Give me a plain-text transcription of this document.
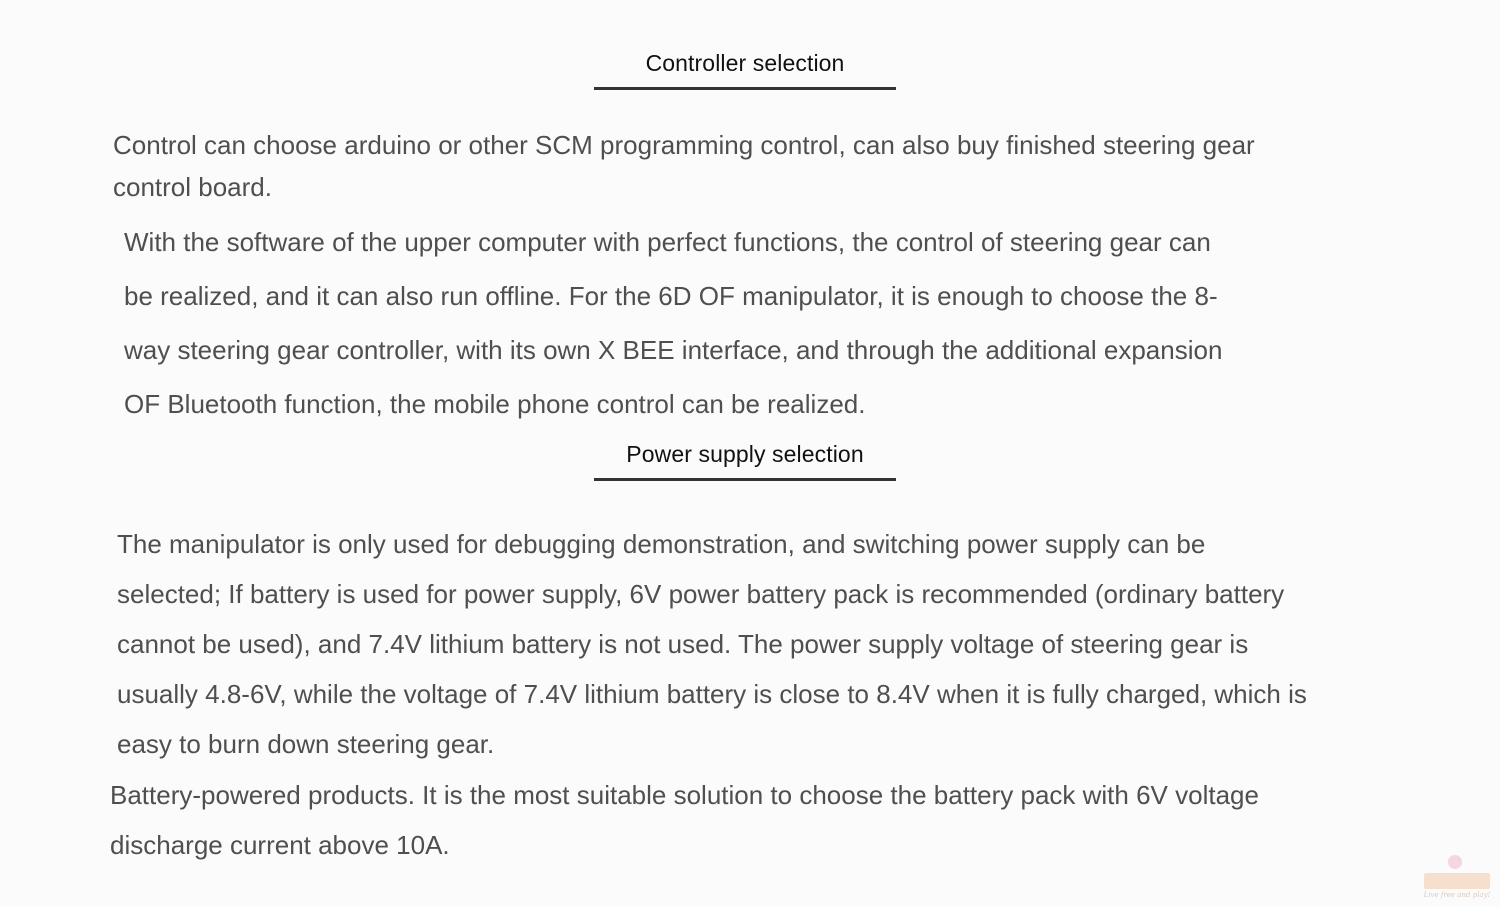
Controller selection

Control can choose arduino or other SCM programming control, can also buy finished steering gear
control board.

With the software of the upper computer with perfect functions, the control of steering gear can
be realized, and it can also run offline. For the 6D OF manipulator, it is enough to choose the 8-
way steering gear controller, with its own X BEE interface, and through the additional expansion
OF Bluetooth function, the mobile phone control can be realized.

Power supply selection

The manipulator is only used for debugging demonstration, and switching power supply can be
selected; If battery is used for power supply, 6V power battery pack is recommended (ordinary battery
cannot be used), and 7.4V lithium battery is not used. The power supply voltage of steering gear is
usually 4.8-6V, while the voltage of 7.4V lithium battery is close to 8.4V when it is fully charged, which is
easy to burn down steering gear.

Battery-powered products. It is the most suitable solution to choose the battery pack with 6V voltage
discharge current above 10A.

Live free and play!
